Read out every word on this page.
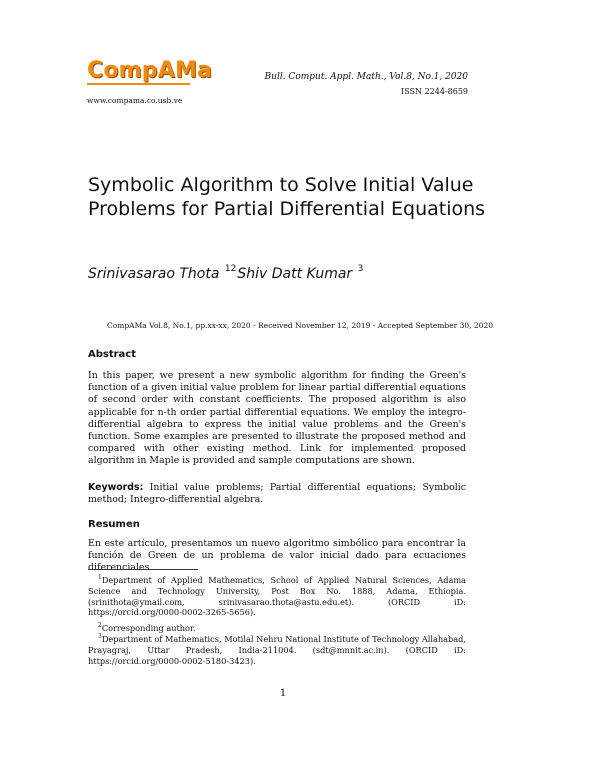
CompAMa	Bull. Comput. Appl. Math., Vol.8, No.1, 2020
ISSN 2244-8659
www.compama.co.usb.ve
Symbolic Algorithm to Solve Initial Value Problems for Partial Differential Equations
Srinivasarao Thota $^{12}$Shiv Datt Kumar $^3$
CompAMa Vol.8, No.1, pp.xx-xx, 2020 - Received November 12, 2019 - Accepted September 30, 2020
Abstract
In this paper, we present a new symbolic algorithm for finding the Green's function of a given initial value problem for linear partial differential equations of second order with constant coefficients. The proposed algorithm is also applicable for n-th order partial differential equations. We employ the integro-differential algebra to express the initial value problems and the Green's function. Some examples are presented to illustrate the proposed method and compared with other existing method. Link for implemented proposed algorithm in Maple is provided and sample computations are shown.
Keywords: Initial value problems; Partial differential equations; Symbolic method; Integro-differential algebra.
Resumen
En este artículo, presentamos un nuevo algoritmo simbólico para encontrar la función de Green de un problema de valor inicial dado para ecuaciones diferenciales
$^1$Department of Applied Mathematics, School of Applied Natural Sciences, Adama Science and Technology University, Post Box No. 1888, Adama, Ethiopia. (srinithota@ymail.com, srinivasarao.thota@astu.edu.et). (ORCID iD: https://orcid.org/0000-0002-3265-5656).
$^2$Corresponding author.
$^3$Department of Mathematics, Motilal Nehru National Institute of Technology Allahabad, Prayagraj, Uttar Pradesh, India-211004. (sdt@mnnit.ac.in). (ORCID iD: https://orcid.org/0000-0002-5180-3423).
1
